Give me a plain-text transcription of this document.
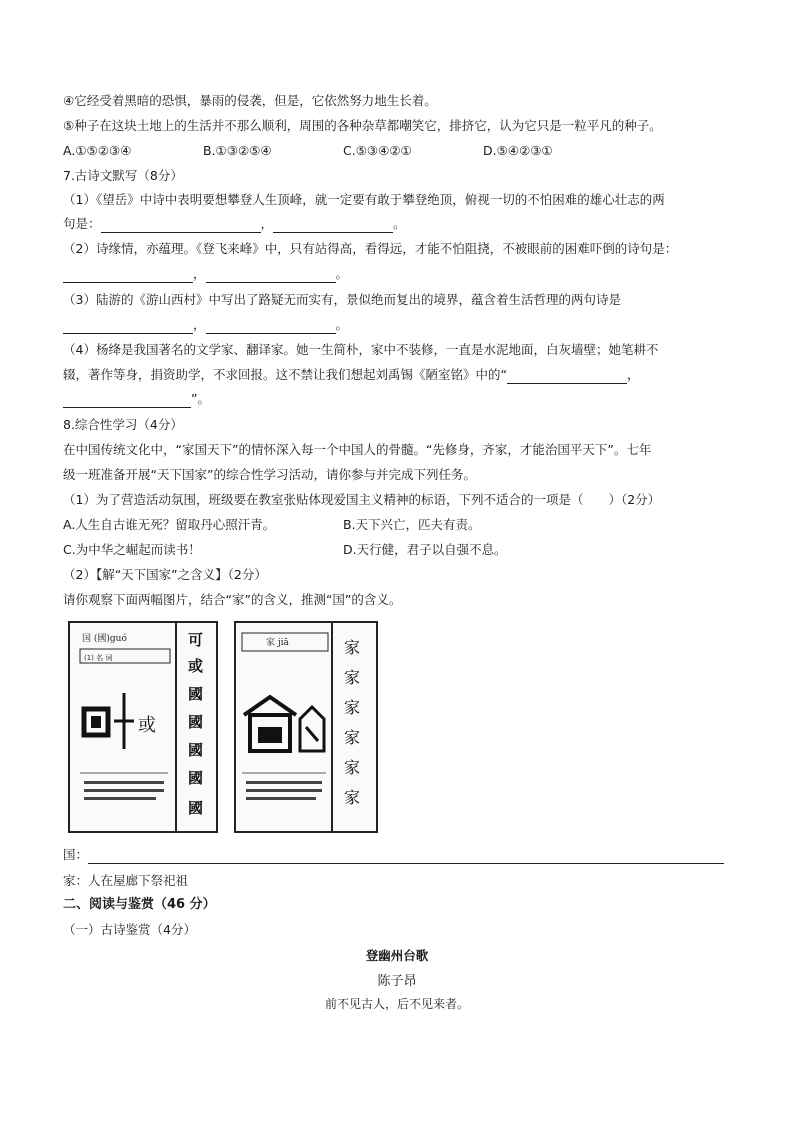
④它经受着黑暗的恐惧，暴雨的侵袭，但是，它依然努力地生长着。
⑤种子在这块土地上的生活并不那么顺利，周围的各种杂草都嘲笑它，排挤它，认为它只是一粒平凡的种子。
A.①⑤②③④	B.①③②⑤④	C.⑤③④②①	D.⑤④②③①
7.古诗文默写（8分）
（1）《望岳》中诗中表明要想攀登人生顶峰，就一定要有敢于攀登绝顶，俯视一切的不怕困难的雄心壮志的两
句是：	，	。
（2）诗缘情，亦蕴理。《登飞来峰》中，只有站得高，看得远，才能不怕阻挠，不被眼前的困难吓倒的诗句是：
，	。
（3）陆游的《游山西村》中写出了路疑无而实有，景似绝而复出的境界，蕴含着生活哲理的两句诗是
，	。
（4）杨绛是我国著名的文学家、翻译家。她一生简朴，家中不装修，一直是水泥地面，白灰墙壁；她笔耕不
辍，著作等身，捐资助学，不求回报。这不禁让我们想起刘禹锡《陋室铭》中的“	，
”。
8.综合性学习（4分）
在中国传统文化中，“家国天下”的情怀深入每一个中国人的骨髓。“先修身，齐家，才能治国平天下”。七年
级一班准备开展“天下国家”的综合性学习活动，请你参与并完成下列任务。
（1）为了营造活动氛围，班级要在教室张贴体现爱国主义精神的标语，下列不适合的一项是（　　）（2分）
A.人生自古谁无死？留取丹心照汗青。	B.天下兴亡，匹夫有责。
C.为中华之崛起而读书！	D.天行健，君子以自强不息。
（2）【解“天下国家”之含义】（2分）
请你观察下面两幅图片，结合“家”的含义，推测“国”的含义。
国 (國)guó
(1) 名 词
或
可
或
國
國
國
國
國
家 jiā	家
家
家
家
家
家
国：
家：人在屋廊下祭祀祖
二、阅读与鉴赏（46 分）
（一）古诗鉴赏（4分）
登幽州台歌
陈子昂
前不见古人，后不见来者。
